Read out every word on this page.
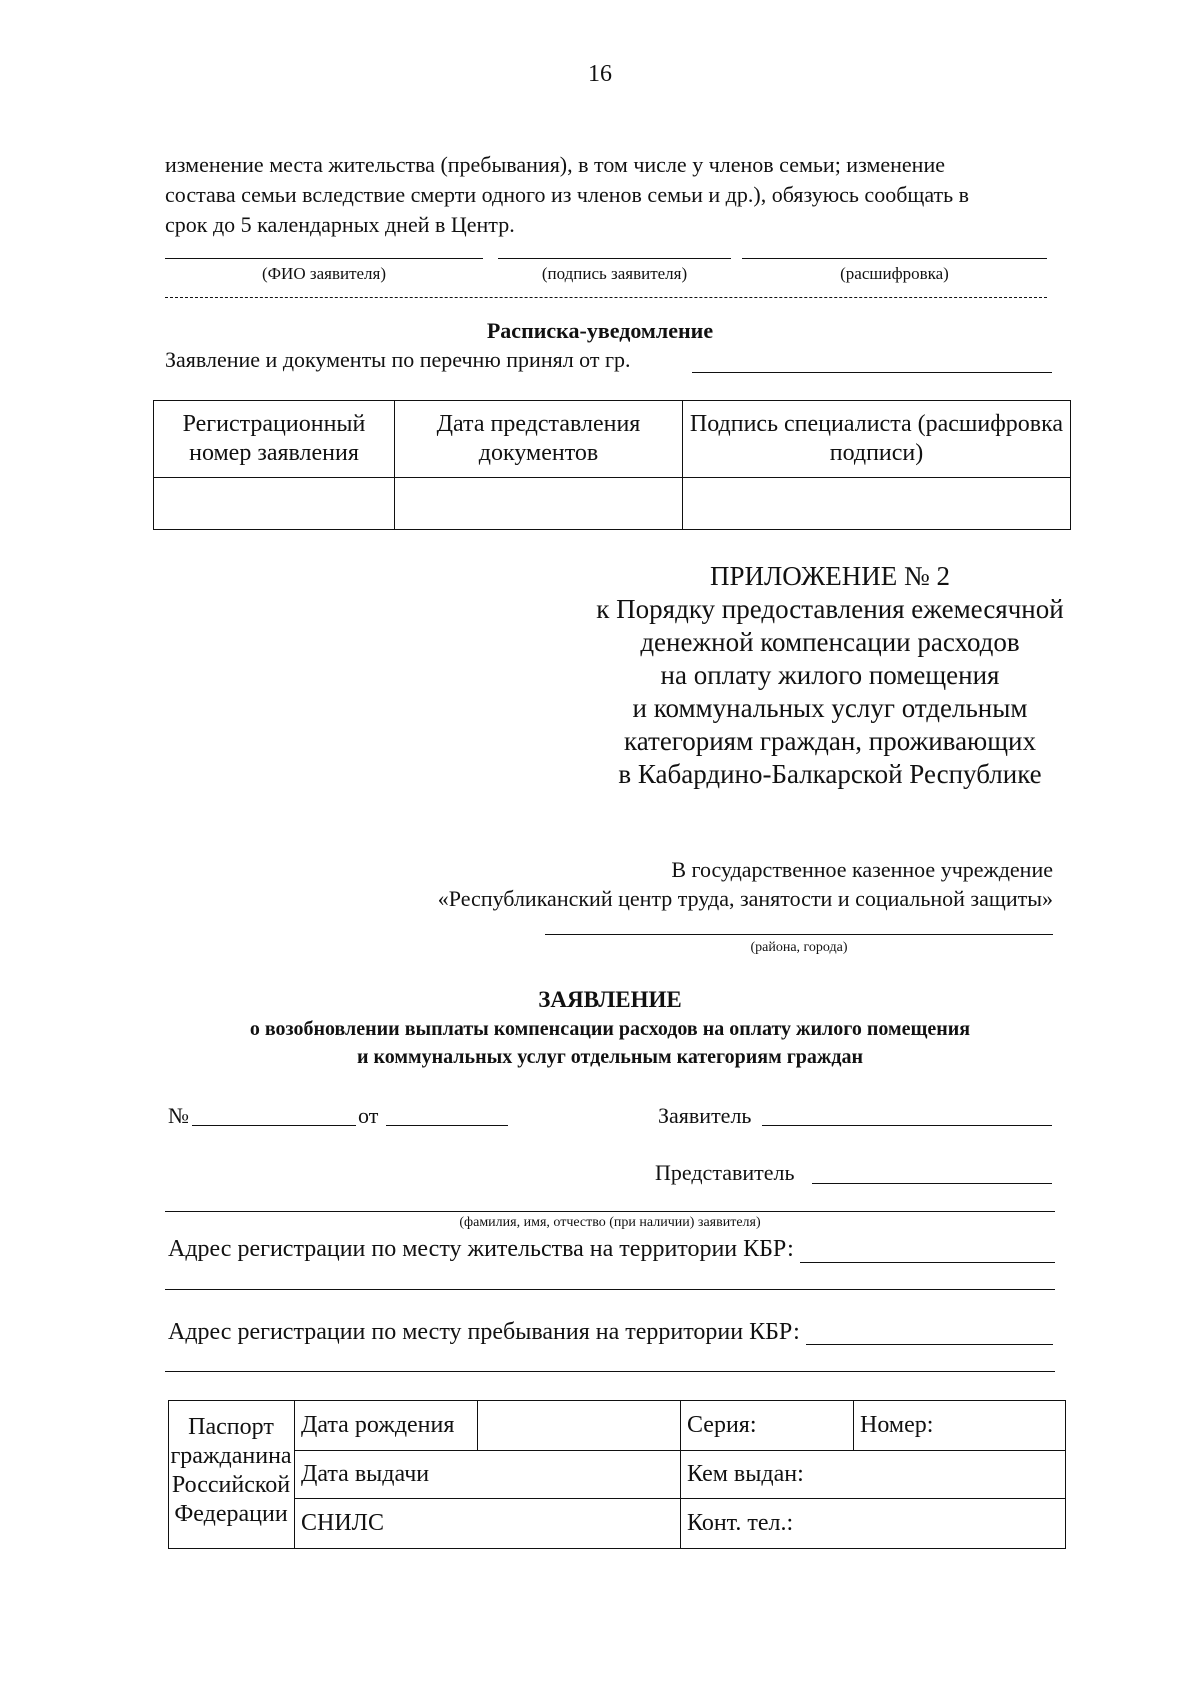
16
изменение места жительства (пребывания), в том числе у членов семьи; изменение
состава семьи вследствие смерти одного из членов семьи и др.), обязуюсь сообщать в
срок до 5 календарных дней в Центр.
(ФИО заявителя)	(подпись заявителя)	(расшифровка)
Расписка-уведомление
Заявление и документы по перечню принял от гр.
Регистрационный номер заявления	Дата представления документов	Подпись специалиста (расшифровка подписи)

ПРИЛОЖЕНИЕ № 2
к Порядку предоставления ежемесячной
денежной компенсации расходов
на оплату жилого помещения
и коммунальных услуг отдельным
категориям граждан, проживающих
в Кабардино-Балкарской Республике
В государственное казенное учреждение
«Республиканский центр труда, занятости и социальной защиты»
(района, города)
ЗАЯВЛЕНИЕ
о возобновлении выплаты компенсации расходов на оплату жилого помещения
и коммунальных услуг отдельным категориям граждан
№	от	Заявитель
Представитель
(фамилия, имя, отчество (при наличии) заявителя)
Адрес регистрации по месту жительства на территории КБР:
Адрес регистрации по месту пребывания на территории КБР:
Паспорт гражданина Российской Федерации	Дата рождения		Серия:	Номер:
	Дата выдачи		Кем выдан:	
	СНИЛС		Конт. тел.:	
